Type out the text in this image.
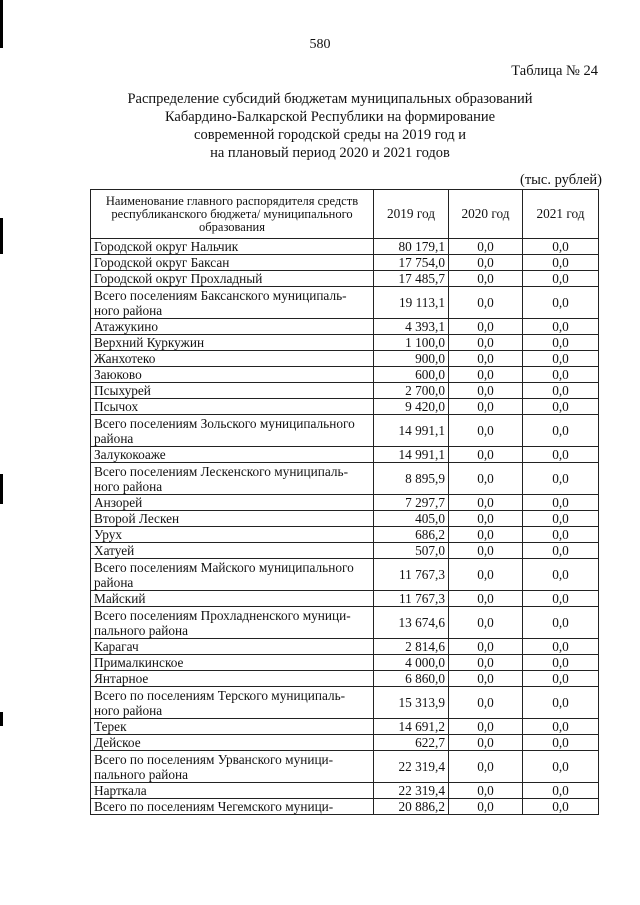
580
Таблица № 24
Распределение субсидий бюджетам муниципальных образований
Кабардино-Балкарской Республики на формирование
современной городской среды на 2019 год и
на плановый период 2020 и 2021 годов
(тыс. рублей)
Наименование главного распорядителя средств республиканского бюджета/ муниципального образования	2019 год	2020 год	2021 год
Городской округ Нальчик	80 179,1	0,0	0,0
Городской округ Баксан	17 754,0	0,0	0,0
Городской округ Прохладный	17 485,7	0,0	0,0
Всего поселениям Баксанского муниципаль-ного района	19 113,1	0,0	0,0
Атажукино	4 393,1	0,0	0,0
Верхний Куркужин	1 100,0	0,0	0,0
Жанхотеко	900,0	0,0	0,0
Заюково	600,0	0,0	0,0
Псыхурей	2 700,0	0,0	0,0
Псычох	9 420,0	0,0	0,0
Всего поселениям Зольского муниципального района	14 991,1	0,0	0,0
Залукокоаже	14 991,1	0,0	0,0
Всего поселениям Лескенского муниципаль-ного района	8 895,9	0,0	0,0
Анзорей	7 297,7	0,0	0,0
Второй Лескен	405,0	0,0	0,0
Урух	686,2	0,0	0,0
Хатуей	507,0	0,0	0,0
Всего поселениям Майского муниципального района	11 767,3	0,0	0,0
Майский	11 767,3	0,0	0,0
Всего поселениям Прохладненского муници-пального района	13 674,6	0,0	0,0
Карагач	2 814,6	0,0	0,0
Прималкинское	4 000,0	0,0	0,0
Янтарное	6 860,0	0,0	0,0
Всего по поселениям Терского муниципаль-ного района	15 313,9	0,0	0,0
Терек	14 691,2	0,0	0,0
Дейское	622,7	0,0	0,0
Всего по поселениям Урванского муници-пального района	22 319,4	0,0	0,0
Нарткала	22 319,4	0,0	0,0
Всего по поселениям Чегемского муници-	20 886,2	0,0	0,0
